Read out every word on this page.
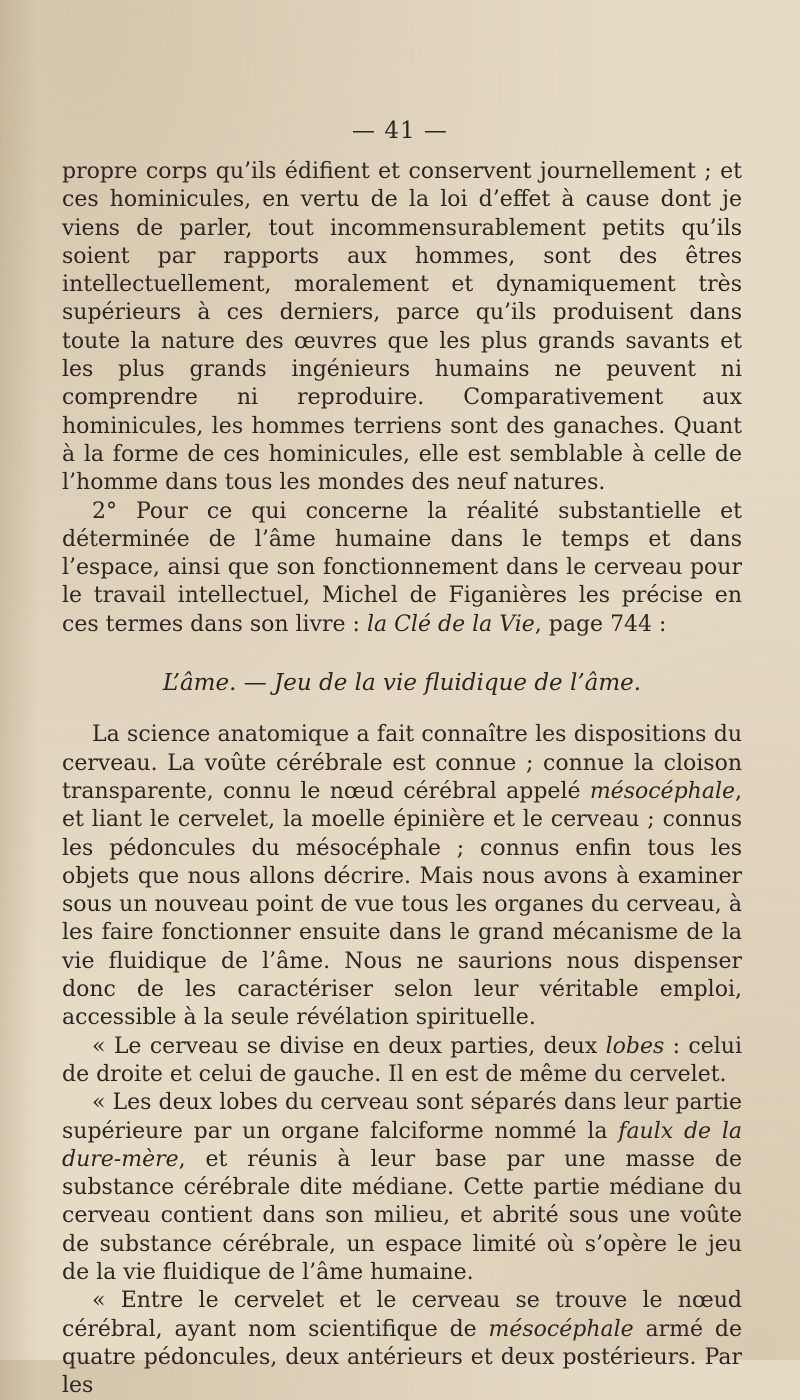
— 41 —

propre corps qu’ils édifient et conservent journellement ; et ces hominicules, en vertu de la loi d’effet à cause dont je viens de parler, tout incommensurablement petits qu’ils soient par rapports aux hommes, sont des êtres intellectuellement, moralement et dynamiquement très supérieurs à ces derniers, parce qu’ils produisent dans toute la nature des œuvres que les plus grands savants et les plus grands ingénieurs humains ne peuvent ni comprendre ni reproduire. Comparativement aux hominicules, les hommes terriens sont des ganaches. Quant à la forme de ces hominicules, elle est semblable à celle de l’homme dans tous les mondes des neuf natures.

2° Pour ce qui concerne la réalité substantielle et déterminée de l’âme humaine dans le temps et dans l’espace, ainsi que son fonctionnement dans le cerveau pour le travail intellectuel, Michel de Figanières les précise en ces termes dans son livre : la Clé de la Vie, page 744 :

L’âme. — Jeu de la vie fluidique de l’âme.

La science anatomique a fait connaître les dispositions du cerveau. La voûte cérébrale est connue ; connue la cloison transparente, connu le nœud cérébral appelé mésocéphale, et liant le cervelet, la moelle épinière et le cerveau ; connus les pédoncules du mésocéphale ; connus enfin tous les objets que nous allons décrire. Mais nous avons à examiner sous un nouveau point de vue tous les organes du cerveau, à les faire fonctionner ensuite dans le grand mécanisme de la vie fluidique de l’âme. Nous ne saurions nous dispenser donc de les caractériser selon leur véritable emploi, accessible à la seule révélation spirituelle.

« Le cerveau se divise en deux parties, deux lobes : celui de droite et celui de gauche. Il en est de même du cervelet.

« Les deux lobes du cerveau sont séparés dans leur partie supérieure par un organe falciforme nommé la faulx de la dure-mère, et réunis à leur base par une masse de substance cérébrale dite médiane. Cette partie médiane du cerveau contient dans son milieu, et abrité sous une voûte de substance cérébrale, un espace limité où s’opère le jeu de la vie fluidique de l’âme humaine.

« Entre le cervelet et le cerveau se trouve le nœud cérébral, ayant nom scientifique de mésocéphale armé de quatre pédoncules, deux antérieurs et deux postérieurs. Par les
